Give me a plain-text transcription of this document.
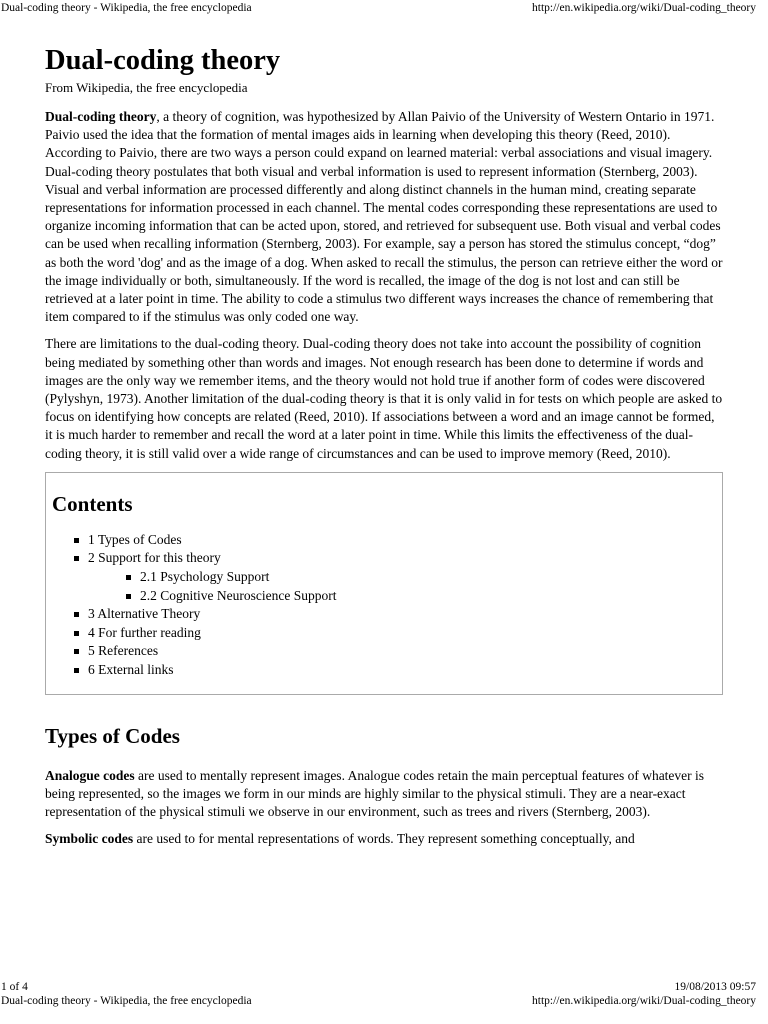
Dual-coding theory - Wikipedia, the free encyclopedia	http://en.wikipedia.org/wiki/Dual-coding_theory
Dual-coding theory
From Wikipedia, the free encyclopedia

Dual-coding theory, a theory of cognition, was hypothesized by Allan Paivio of the University of Western Ontario in 1971. Paivio used the idea that the formation of mental images aids in learning when developing this theory (Reed, 2010). According to Paivio, there are two ways a person could expand on learned material: verbal associations and visual imagery. Dual-coding theory postulates that both visual and verbal information is used to represent information (Sternberg, 2003). Visual and verbal information are processed differently and along distinct channels in the human mind, creating separate representations for information processed in each channel. The mental codes corresponding these representations are used to organize incoming information that can be acted upon, stored, and retrieved for subsequent use. Both visual and verbal codes can be used when recalling information (Sternberg, 2003). For example, say a person has stored the stimulus concept, “dog” as both the word 'dog' and as the image of a dog. When asked to recall the stimulus, the person can retrieve either the word or the image individually or both, simultaneously. If the word is recalled, the image of the dog is not lost and can still be retrieved at a later point in time. The ability to code a stimulus two different ways increases the chance of remembering that item compared to if the stimulus was only coded one way.

There are limitations to the dual-coding theory. Dual-coding theory does not take into account the possibility of cognition being mediated by something other than words and images. Not enough research has been done to determine if words and images are the only way we remember items, and the theory would not hold true if another form of codes were discovered (Pylyshyn, 1973). Another limitation of the dual-coding theory is that it is only valid in for tests on which people are asked to focus on identifying how concepts are related (Reed, 2010). If associations between a word and an image cannot be formed, it is much harder to remember and recall the word at a later point in time. While this limits the effectiveness of the dual-coding theory, it is still valid over a wide range of circumstances and can be used to improve memory (Reed, 2010).

Contents
1 Types of Codes
2 Support for this theory
2.1 Psychology Support
2.2 Cognitive Neuroscience Support
3 Alternative Theory
4 For further reading
5 References
6 External links
Types of Codes

Analogue codes are used to mentally represent images. Analogue codes retain the main perceptual features of whatever is being represented, so the images we form in our minds are highly similar to the physical stimuli. They are a near-exact representation of the physical stimuli we observe in our environment, such as trees and rivers (Sternberg, 2003).

Symbolic codes are used to for mental representations of words. They represent something conceptually, and

1 of 4
Dual-coding theory - Wikipedia, the free encyclopedia
19/08/2013 09:57
http://en.wikipedia.org/wiki/Dual-coding_theory
